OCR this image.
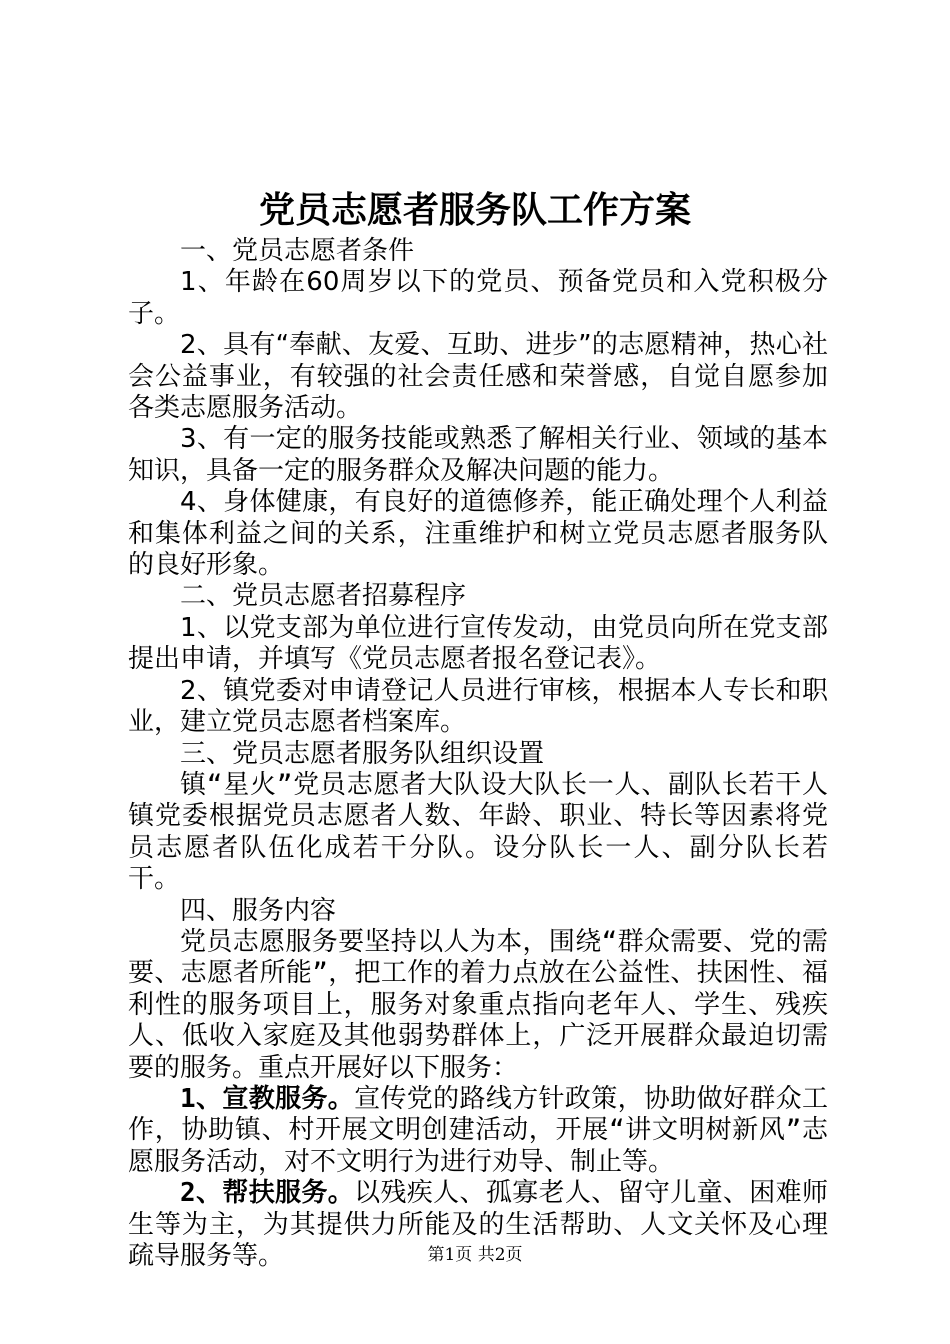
党员志愿者服务队工作方案

一、党员志愿者条件

1、年龄在60周岁以下的党员、预备党员和入党积极分子。

2、具有“奉献、友爱、互助、进步”的志愿精神，热心社会公益事业，有较强的社会责任感和荣誉感，自觉自愿参加各类志愿服务活动。

3、有一定的服务技能或熟悉了解相关行业、领域的基本知识，具备一定的服务群众及解决问题的能力。

4、身体健康，有良好的道德修养，能正确处理个人利益和集体利益之间的关系，注重维护和树立党员志愿者服务队的良好形象。

二、党员志愿者招募程序

1、以党支部为单位进行宣传发动，由党员向所在党支部提出申请，并填写《党员志愿者报名登记表》。

2、镇党委对申请登记人员进行审核，根据本人专长和职业，建立党员志愿者档案库。

三、党员志愿者服务队组织设置

镇“星火”党员志愿者大队设大队长一人、副队长若干人镇党委根据党员志愿者人数、年龄、职业、特长等因素将党员志愿者队伍化成若干分队。设分队长一人、副分队长若干。

四、服务内容

党员志愿服务要坚持以人为本，围绕“群众需要、党的需要、志愿者所能”，把工作的着力点放在公益性、扶困性、福利性的服务项目上，服务对象重点指向老年人、学生、残疾人、低收入家庭及其他弱势群体上，广泛开展群众最迫切需要的服务。重点开展好以下服务：

1、宣教服务。宣传党的路线方针政策，协助做好群众工作，协助镇、村开展文明创建活动，开展“讲文明树新风”志愿服务活动，对不文明行为进行劝导、制止等。

2、帮扶服务。以残疾人、孤寡老人、留守儿童、困难师生等为主，为其提供力所能及的生活帮助、人文关怀及心理疏导服务等。	第1页 共2页
